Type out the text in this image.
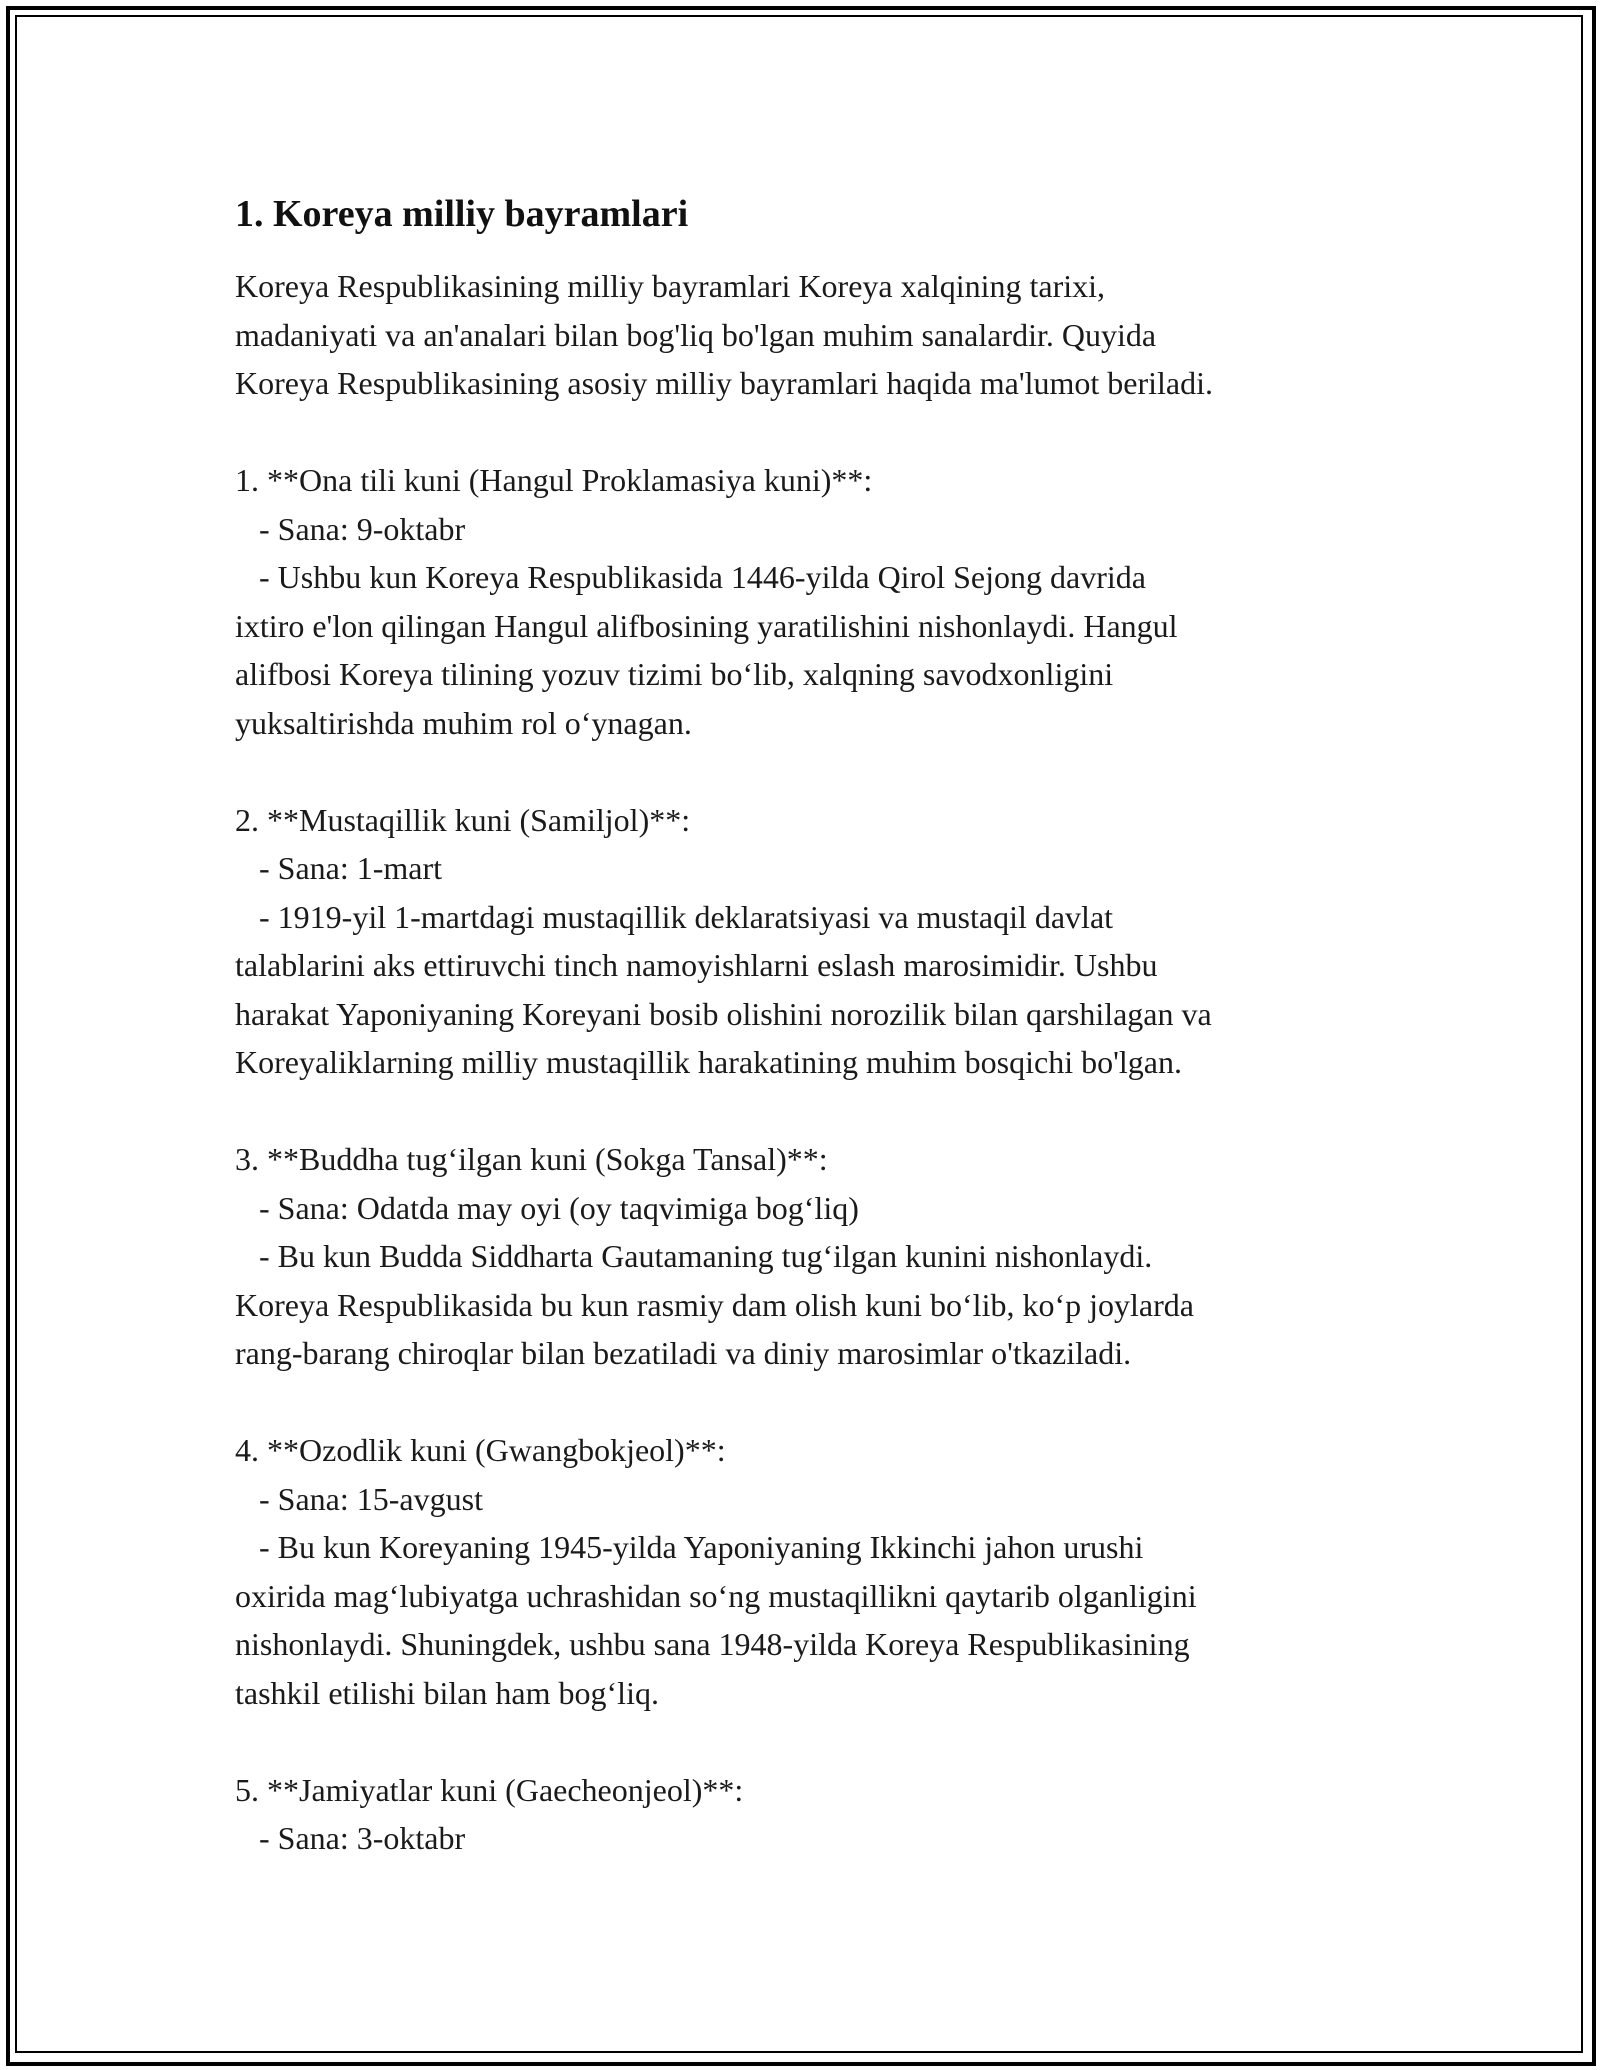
1. Koreya milliy bayramlari

Koreya Respublikasining milliy bayramlari Koreya xalqining tarixi,
madaniyati va an'analari bilan bog'liq bo'lgan muhim sanalardir. Quyida
Koreya Respublikasining asosiy milliy bayramlari haqida ma'lumot beriladi.

1. **Ona tili kuni (Hangul Proklamasiya kuni)**:

- Sana: 9-oktabr

- Ushbu kun Koreya Respublikasida 1446-yilda Qirol Sejong davrida
ixtiro e'lon qilingan Hangul alifbosining yaratilishini nishonlaydi. Hangul
alifbosi Koreya tilining yozuv tizimi bo‘lib, xalqning savodxonligini
yuksaltirishda muhim rol o‘ynagan.

2. **Mustaqillik kuni (Samiljol)**:

- Sana: 1-mart

- 1919-yil 1-martdagi mustaqillik deklaratsiyasi va mustaqil davlat
talablarini aks ettiruvchi tinch namoyishlarni eslash marosimidir. Ushbu
harakat Yaponiyaning Koreyani bosib olishini norozilik bilan qarshilagan va
Koreyaliklarning milliy mustaqillik harakatining muhim bosqichi bo'lgan.

3. **Buddha tug‘ilgan kuni (Sokga Tansal)**:

- Sana: Odatda may oyi (oy taqvimiga bog‘liq)

- Bu kun Budda Siddharta Gautamaning tug‘ilgan kunini nishonlaydi.
Koreya Respublikasida bu kun rasmiy dam olish kuni bo‘lib, ko‘p joylarda
rang-barang chiroqlar bilan bezatiladi va diniy marosimlar o'tkaziladi.

4. **Ozodlik kuni (Gwangbokjeol)**:

- Sana: 15-avgust

- Bu kun Koreyaning 1945-yilda Yaponiyaning Ikkinchi jahon urushi
oxirida mag‘lubiyatga uchrashidan so‘ng mustaqillikni qaytarib olganligini
nishonlaydi. Shuningdek, ushbu sana 1948-yilda Koreya Respublikasining
tashkil etilishi bilan ham bog‘liq.

5. **Jamiyatlar kuni (Gaecheonjeol)**:

- Sana: 3-oktabr
